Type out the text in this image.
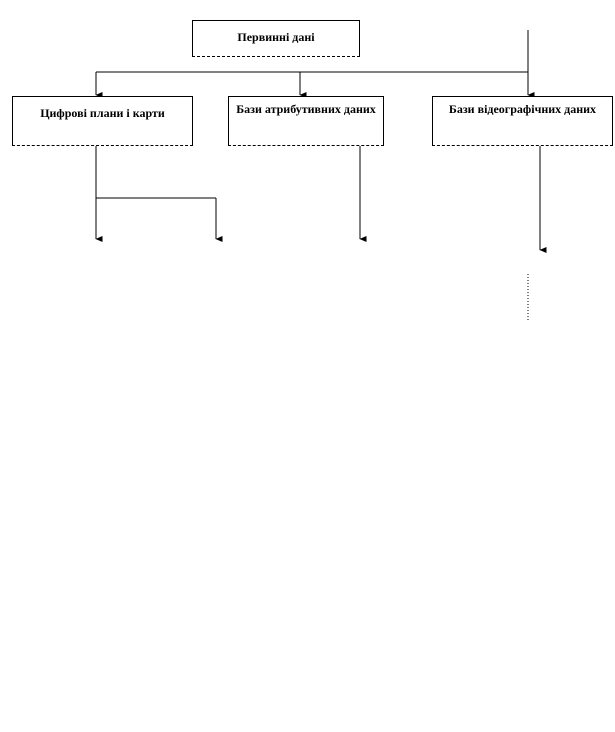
Первинні дані
Цифрові плани і карти	Бази атрибутивних даних	Бази відеографічних даних
